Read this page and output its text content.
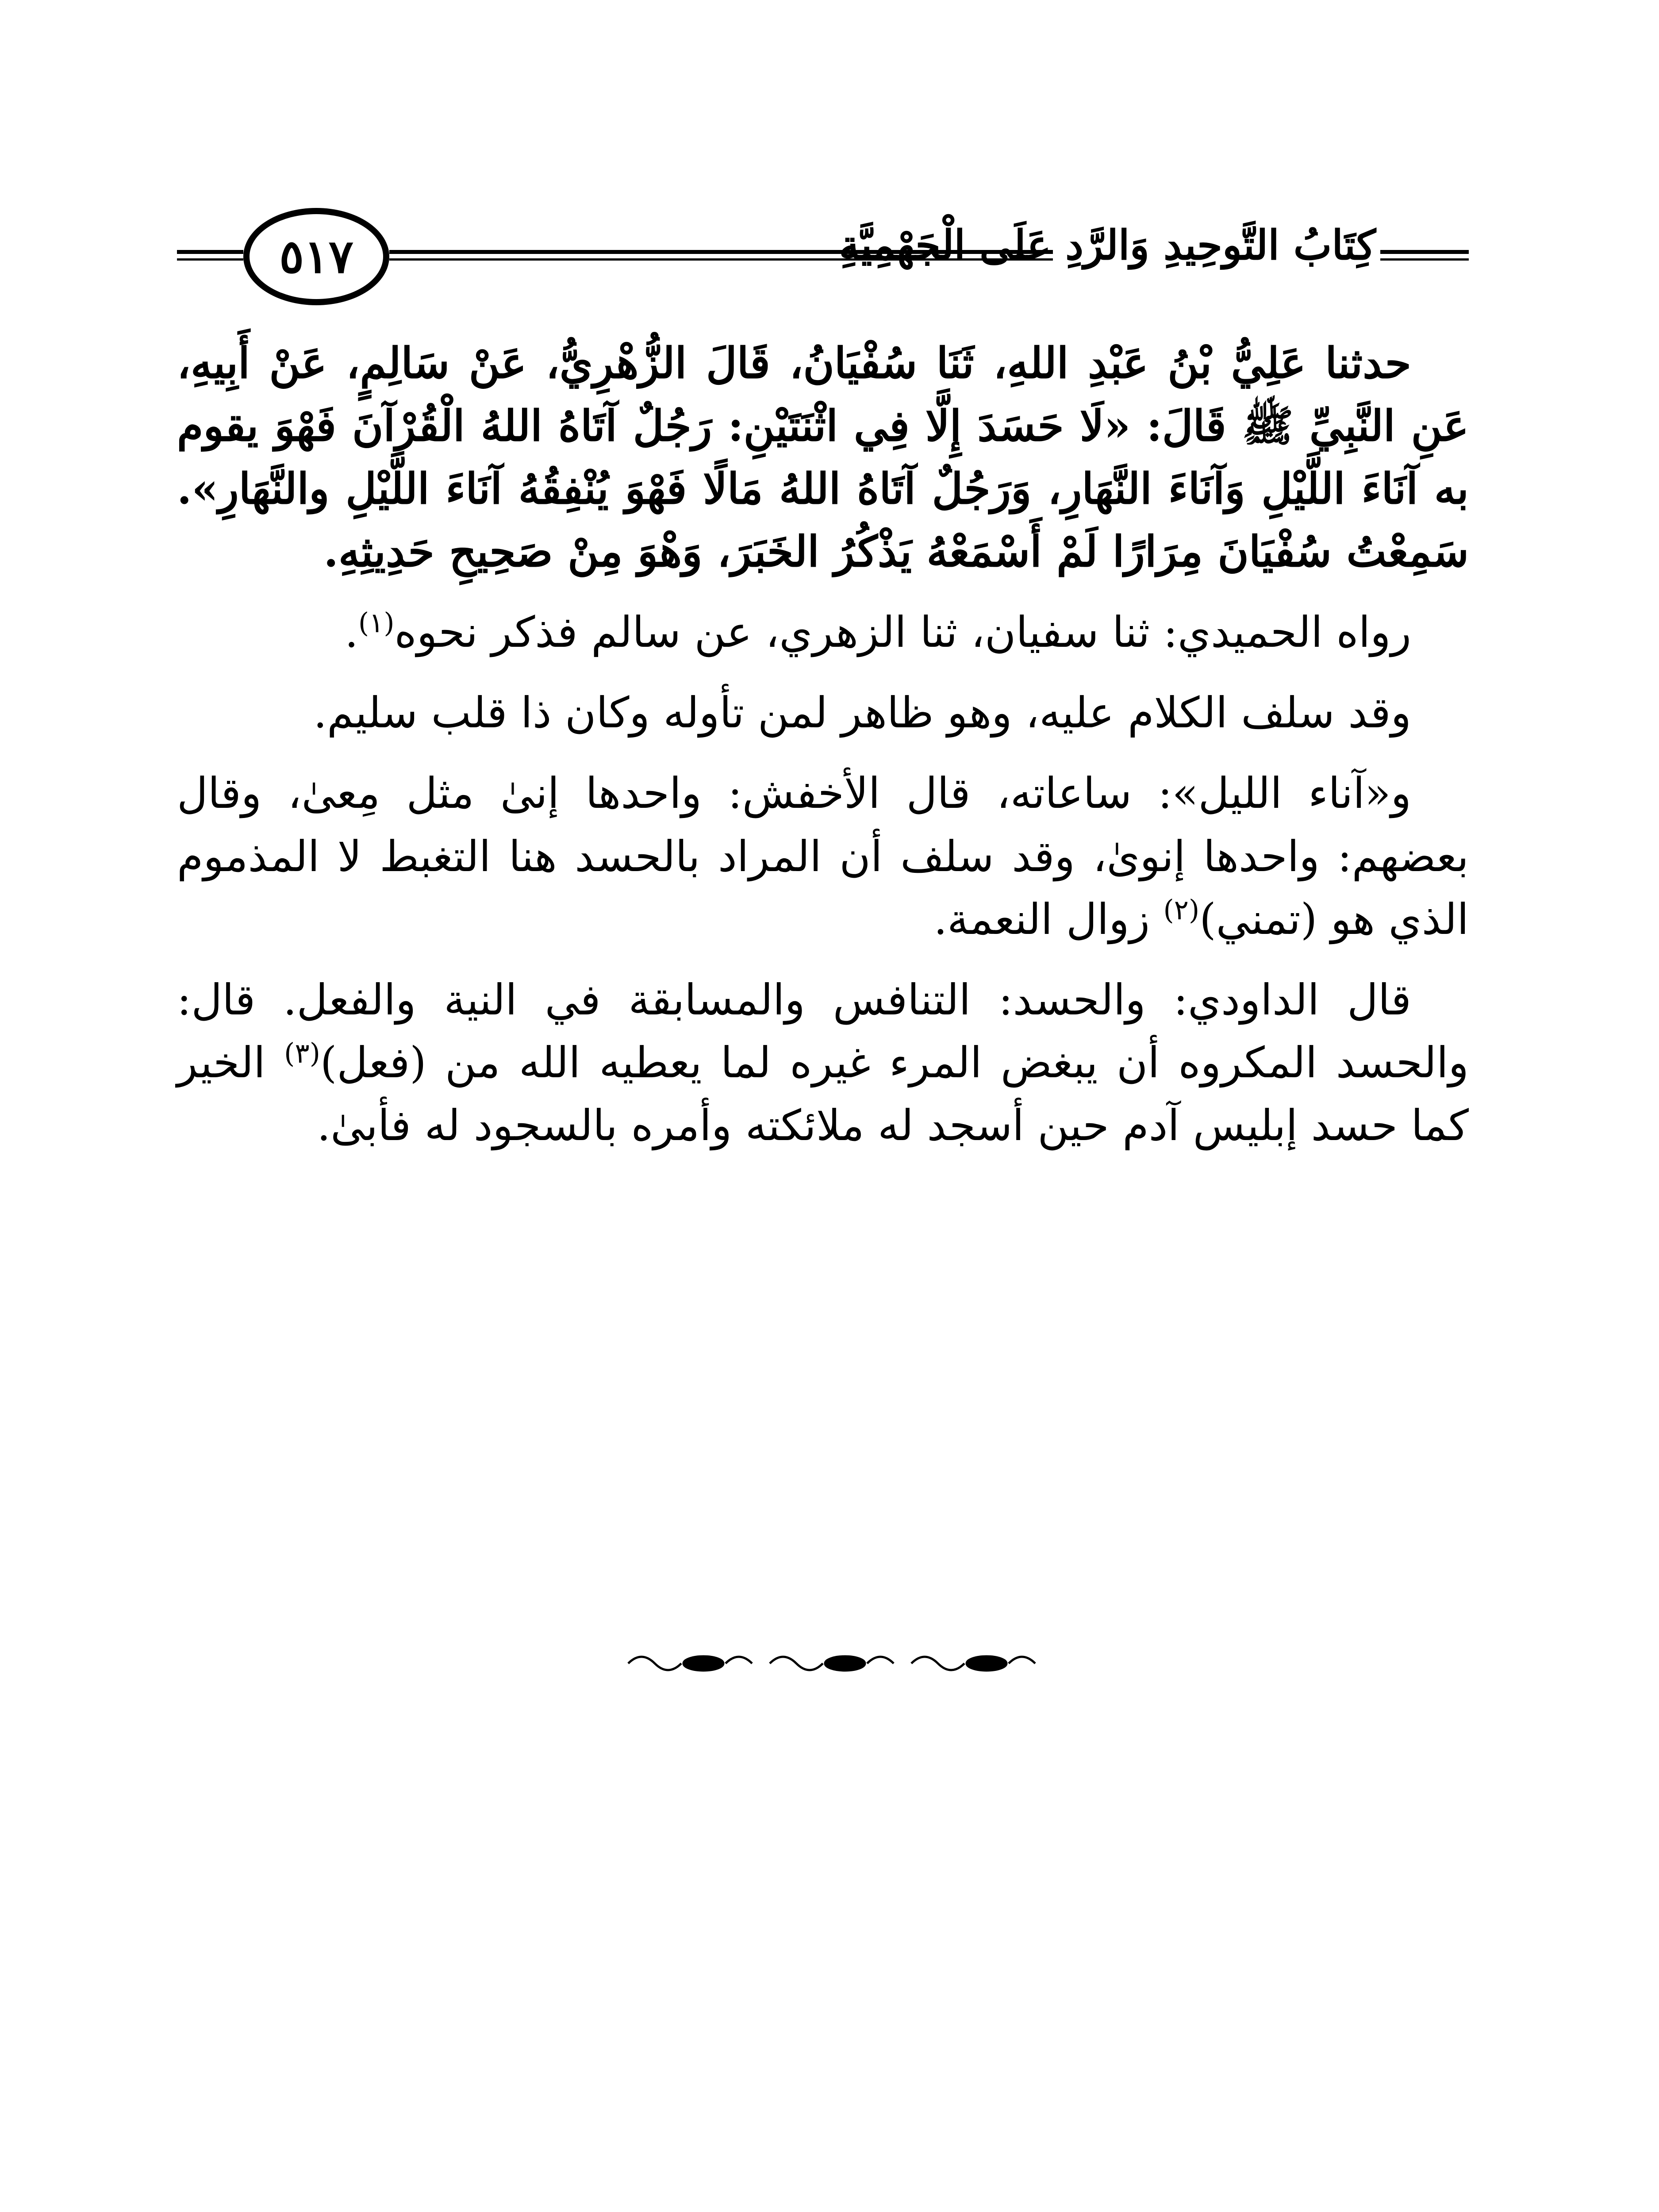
٥١٧	كِتَابُ التَّوحِيدِ وَالرَّدِ عَلَى الْجَهْمِيَّةِ

حدثنا عَلِيُّ بْنُ عَبْدِ اللهِ، ثَنَا سُفْيَانُ، قَالَ الزُّهْرِيُّ، عَنْ سَالِمٍ، عَنْ أَبِيهِ، عَنِ النَّبِيِّ ﷺ قَالَ: «لَا حَسَدَ إِلَّا فِي اثْنَتَيْنِ: رَجُلٌ آتَاهُ اللهُ الْقُرْآنَ فَهْوَ يقوم به آنَاءَ اللَّيْلِ وَآنَاءَ النَّهَارِ، وَرَجُلٌ آتَاهُ اللهُ مَالًا فَهْوَ يُنْفِقُهُ آنَاءَ اللَّيْلِ والنَّهَارِ». سَمِعْتُ سُفْيَانَ مِرَارًا لَمْ أَسْمَعْهُ يَذْكُرُ الخَبَرَ، وَهْوَ مِنْ صَحِيحِ حَدِيثِهِ.

رواه الحميدي: ثنا سفيان، ثنا الزهري، عن سالم فذكر نحوه$^{(١)}$.

وقد سلف الكلام عليه، وهو ظاهر لمن تأوله وكان ذا قلب سليم.

و«آناء الليل»: ساعاته، قال الأخفش: واحدها إنىٰ مثل مِعىٰ، وقال بعضهم: واحدها إنوىٰ، وقد سلف أن المراد بالحسد هنا التغبط لا المذموم الذي هو (تمني)$^{(٢)}$ زوال النعمة.

قال الداودي: والحسد: التنافس والمسابقة في النية والفعل. قال: والحسد المكروه أن يبغض المرء غيره لما يعطيه الله من (فعل)$^{(٣)}$ الخير كما حسد إبليس آدم حين أسجد له ملائكته وأمره بالسجود له فأبىٰ.
